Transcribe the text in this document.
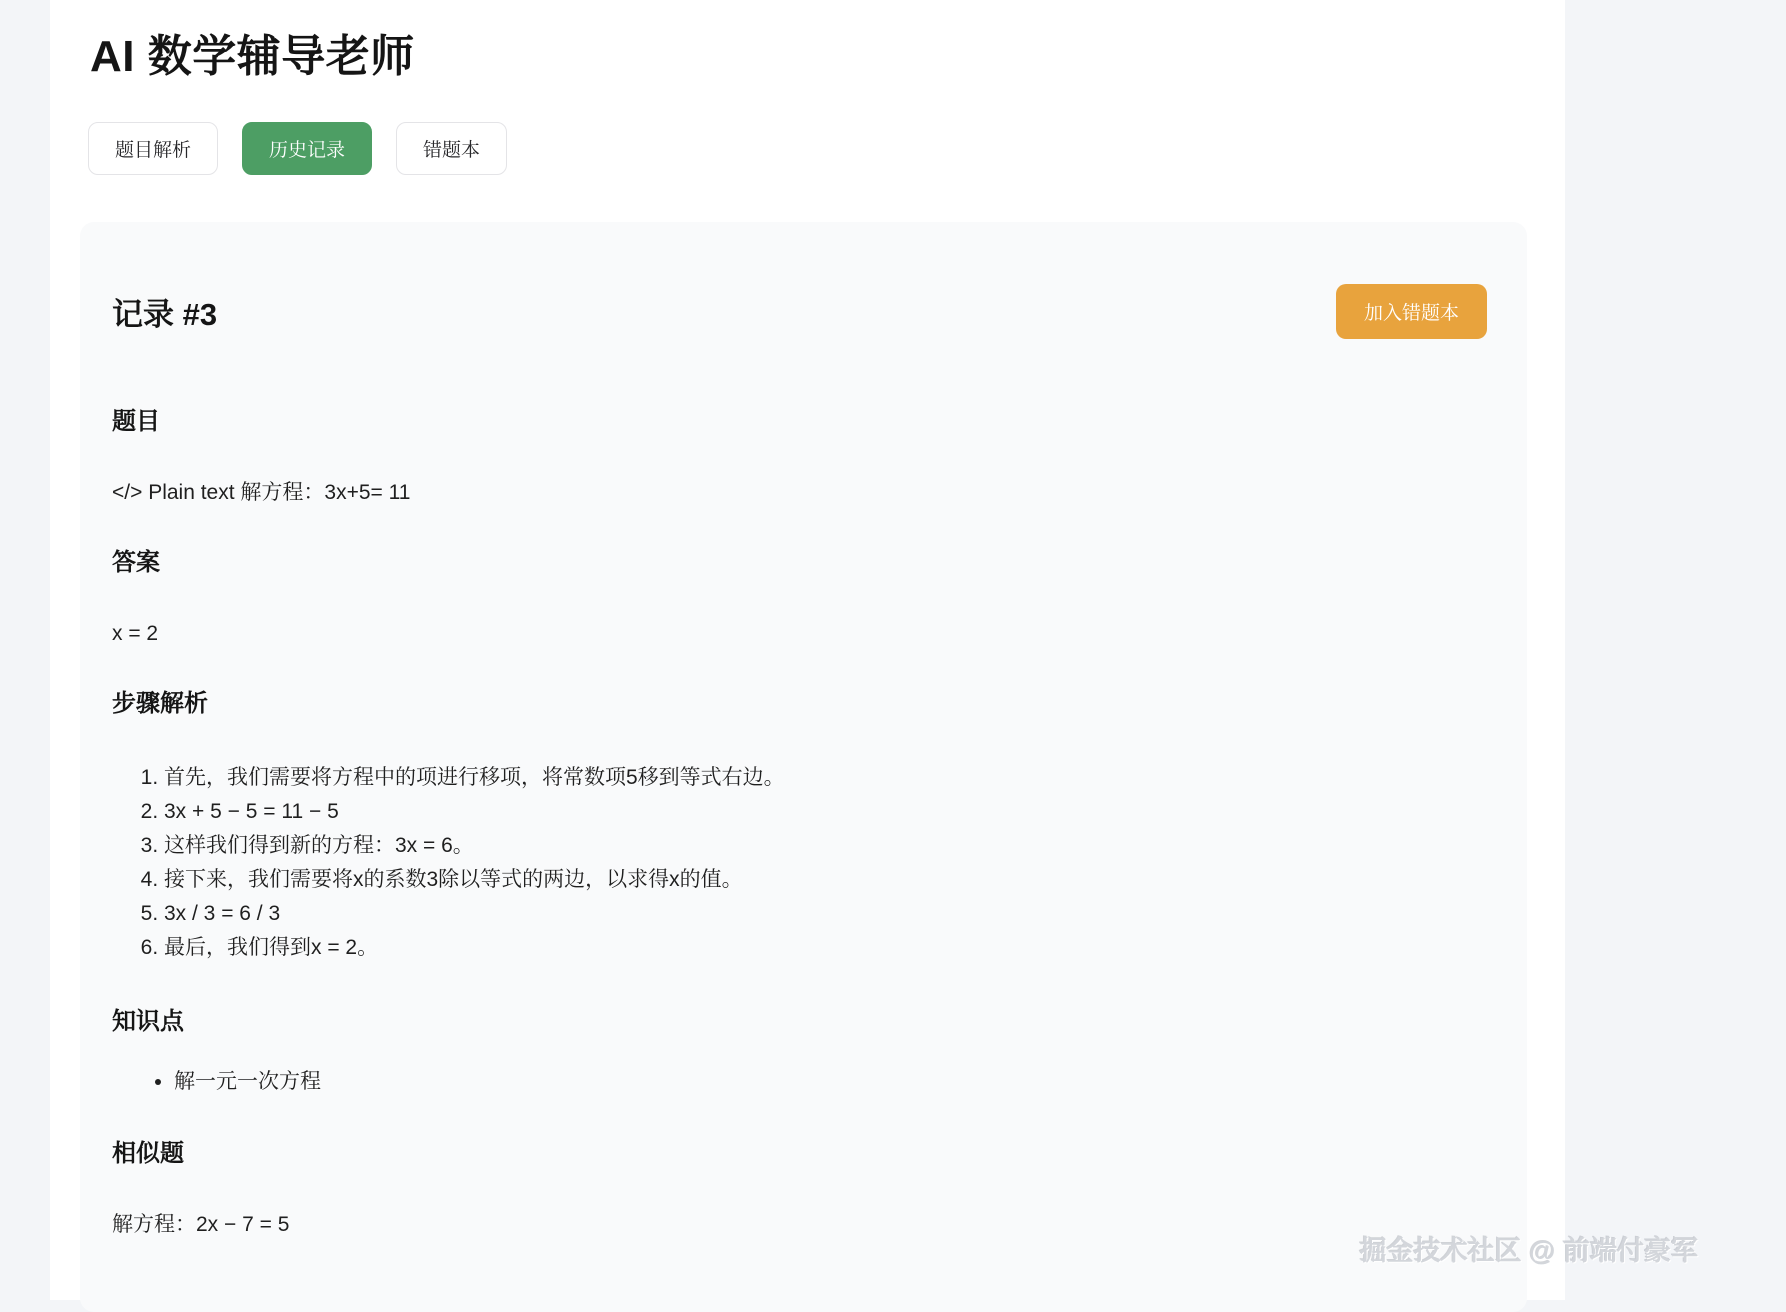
AI 数学辅导老师
题目解析	历史记录	错题本
记录 #3	加入错题本
题目

</> Plain text 解方程：3x+5= 11

答案

x = 2

步骤解析
1. 首先，我们需要将方程中的项进行移项，将常数项5移到等式右边。
2. 3x + 5 − 5 = 11 − 5
3. 这样我们得到新的方程：3x = 6。
4. 接下来，我们需要将x的系数3除以等式的两边，以求得x的值。
5. 3x / 3 = 6 / 3
6. 最后，我们得到x = 2。
知识点
• 解一元一次方程
相似题

解方程：2x − 7 = 5

掘金技术社区 @ 前端付豪军
